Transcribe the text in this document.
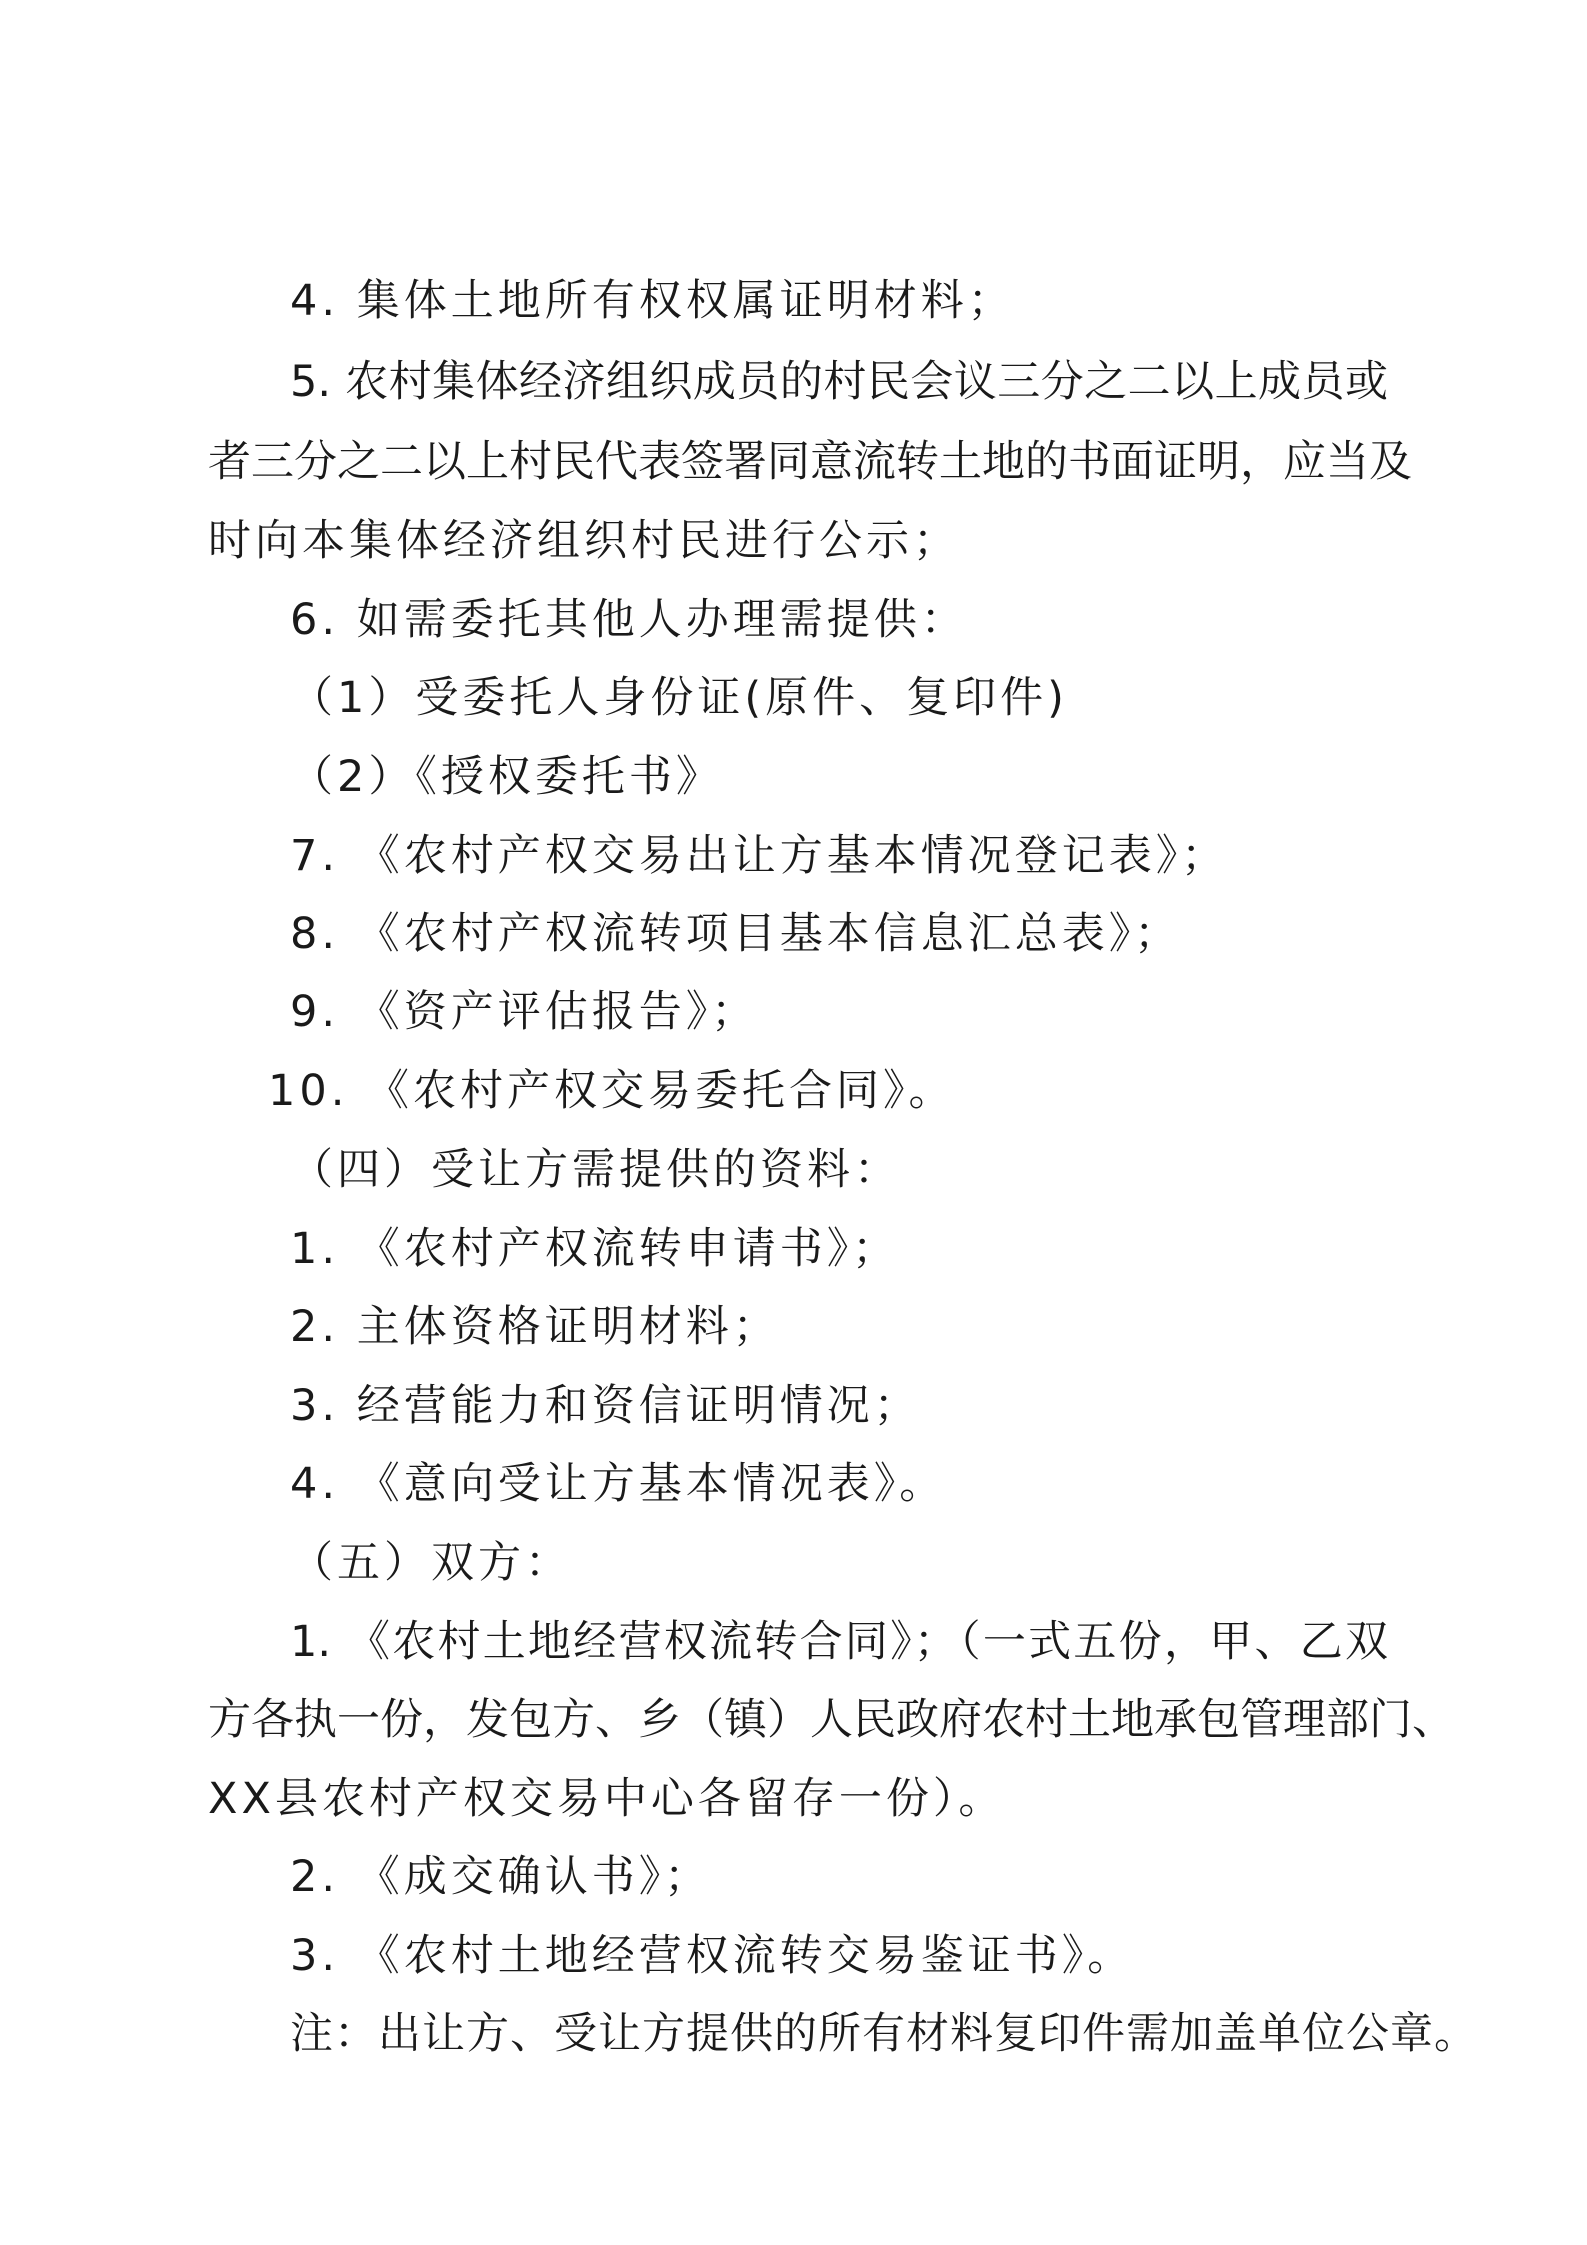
4. 集体土地所有权权属证明材料；
5. 农村集体经济组织成员的村民会议三分之二以上成员或
者三分之二以上村民代表签署同意流转土地的书面证明，应当及
时向本集体经济组织村民进行公示；
6. 如需委托其他人办理需提供：
（1）受委托人身份证(原件、复印件)
（2）《授权委托书》
7. 《农村产权交易出让方基本情况登记表》；
8. 《农村产权流转项目基本信息汇总表》；
9. 《资产评估报告》；
10. 《农村产权交易委托合同》。
（四）受让方需提供的资料：
1. 《农村产权流转申请书》；
2. 主体资格证明材料；
3. 经营能力和资信证明情况；
4. 《意向受让方基本情况表》。
（五）双方：
1. 《农村土地经营权流转合同》；（一式五份，甲、乙双
方各执一份，发包方、乡（镇）人民政府农村土地承包管理部门、
XX县农村产权交易中心各留存一份）。
2. 《成交确认书》；
3. 《农村土地经营权流转交易鉴证书》。
注：出让方、受让方提供的所有材料复印件需加盖单位公章。
